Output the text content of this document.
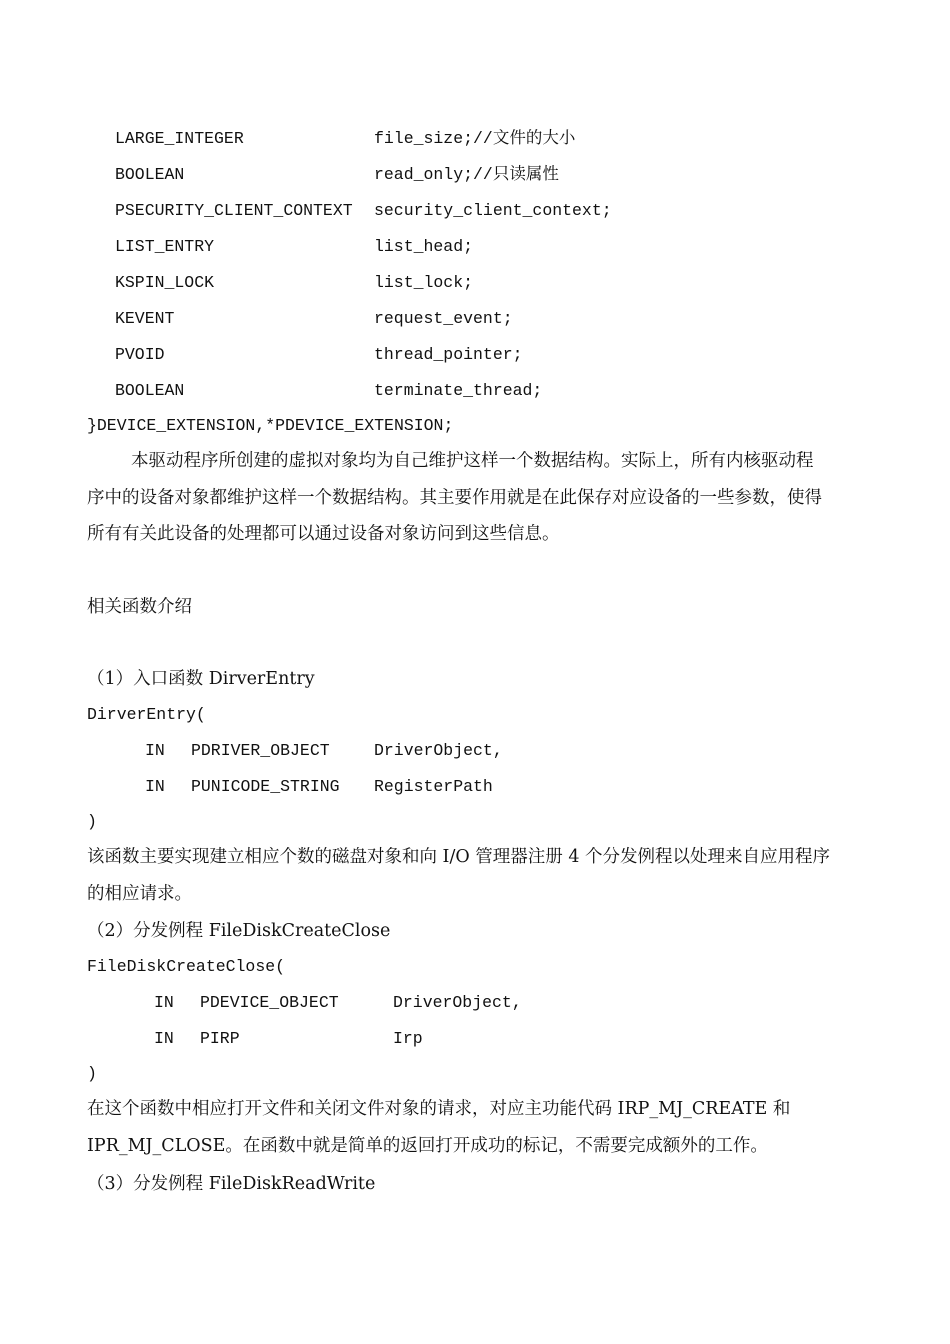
LARGE_INTEGER	file_size;//文件的大小
BOOLEAN	read_only;//只读属性
PSECURITY_CLIENT_CONTEXT security_client_context;
LIST_ENTRY	list_head;
KSPIN_LOCK	list_lock;
KEVENT	request_event;
PVOID	thread_pointer;
BOOLEAN	terminate_thread;
}DEVICE_EXTENSION,*PDEVICE_EXTENSION;
本驱动程序所创建的虚拟对象均为自己维护这样一个数据结构。实际上，所有内核驱动程
序中的设备对象都维护这样一个数据结构。其主要作用就是在此保存对应设备的一些参数，使得
所有有关此设备的处理都可以通过设备对象访问到这些信息。
相关函数介绍
（1）入口函数 DirverEntry
DirverEntry(
IN PDRIVER_OBJECT	DriverObject,
IN PUNICODE_STRING RegisterPath
)
该函数主要实现建立相应个数的磁盘对象和向 I/O 管理器注册 4 个分发例程以处理来自应用程序
的相应请求。
（2）分发例程 FileDiskCreateClose
FileDiskCreateClose(
IN PDEVICE_OBJECT	DriverObject,
IN PIRP	Irp
)
在这个函数中相应打开文件和关闭文件对象的请求，对应主功能代码 IRP_MJ_CREATE 和
IPR_MJ_CLOSE。在函数中就是简单的返回打开成功的标记，不需要完成额外的工作。
（3）分发例程 FileDiskReadWrite
